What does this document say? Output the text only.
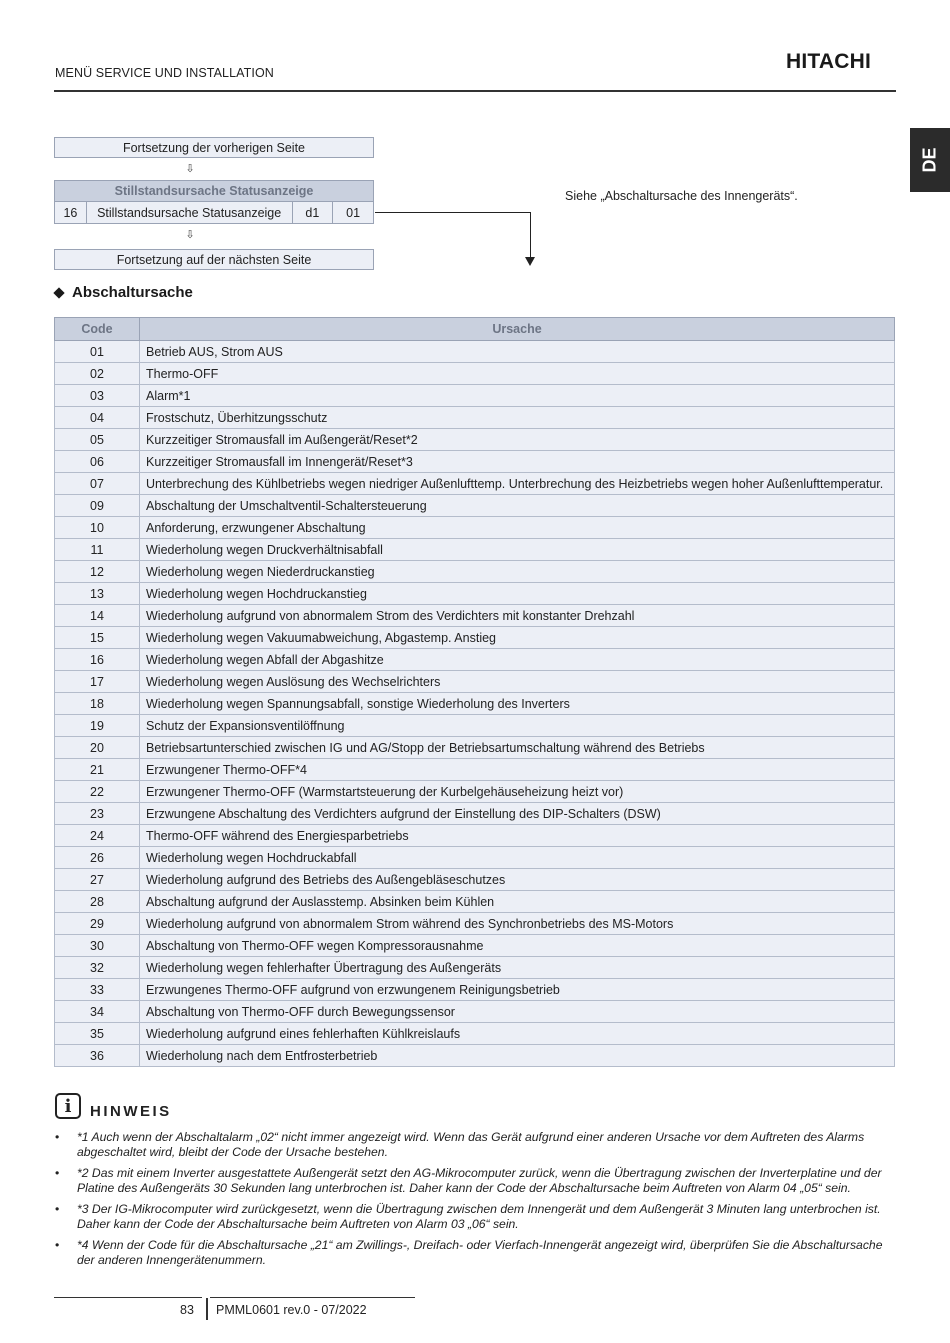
MENÜ SERVICE UND INSTALLATION	HITACHI
DE
Fortsetzung der vorherigen Seite
⇩
Stillstandsursache Statusanzeige
16	Stillstandsursache Statusanzeige	d1	01
⇩
Fortsetzung auf der nächsten Seite
Siehe „Abschaltursache des Innengeräts“.
Abschaltursache
Code	Ursache
01	Betrieb AUS, Strom AUS
02	Thermo-OFF
03	Alarm*1
04	Frostschutz, Überhitzungsschutz
05	Kurzzeitiger Stromausfall im Außengerät/Reset*2
06	Kurzzeitiger Stromausfall im Innengerät/Reset*3
07	Unterbrechung des Kühlbetriebs wegen niedriger Außenlufttemp. Unterbrechung des Heizbetriebs wegen hoher Außenlufttemperatur.
09	Abschaltung der Umschaltventil-Schaltersteuerung
10	Anforderung, erzwungener Abschaltung
11	Wiederholung wegen Druckverhältnisabfall
12	Wiederholung wegen Niederdruckanstieg
13	Wiederholung wegen Hochdruckanstieg
14	Wiederholung aufgrund von abnormalem Strom des Verdichters mit konstanter Drehzahl
15	Wiederholung wegen Vakuumabweichung, Abgastemp. Anstieg
16	Wiederholung wegen Abfall der Abgashitze
17	Wiederholung wegen Auslösung des Wechselrichters
18	Wiederholung wegen Spannungsabfall, sonstige Wiederholung des Inverters
19	Schutz der Expansionsventilöffnung
20	Betriebsartunterschied zwischen IG und AG/Stopp der Betriebsartumschaltung während des Betriebs
21	Erzwungener Thermo-OFF*4
22	Erzwungener Thermo-OFF (Warmstartsteuerung der Kurbelgehäuseheizung heizt vor)
23	Erzwungene Abschaltung des Verdichters aufgrund der Einstellung des DIP-Schalters (DSW)
24	Thermo-OFF während des Energiesparbetriebs
26	Wiederholung wegen Hochdruckabfall
27	Wiederholung aufgrund des Betriebs des Außengebläseschutzes
28	Abschaltung aufgrund der Auslasstemp. Absinken beim Kühlen
29	Wiederholung aufgrund von abnormalem Strom während des Synchronbetriebs des MS-Motors
30	Abschaltung von Thermo-OFF wegen Kompressorausnahme
32	Wiederholung wegen fehlerhafter Übertragung des Außengeräts
33	Erzwungenes Thermo-OFF aufgrund von erzwungenem Reinigungsbetrieb
34	Abschaltung von Thermo-OFF durch Bewegungssensor
35	Wiederholung aufgrund eines fehlerhaften Kühlkreislaufs
36	Wiederholung nach dem Entfrosterbetrieb
i	HINWEIS
• *1 Auch wenn der Abschaltalarm „02“ nicht immer angezeigt wird. Wenn das Gerät aufgrund einer anderen Ursache vor dem Auftreten des Alarms abgeschaltet wird, bleibt der Code der Ursache bestehen.
• *2 Das mit einem Inverter ausgestattete Außengerät setzt den AG-Mikrocomputer zurück, wenn die Übertragung zwischen der Inverterplatine und der Platine des Außengeräts 30 Sekunden lang unterbrochen ist. Daher kann der Code der Abschaltursache beim Auftreten von Alarm 04 „05“ sein.
• *3 Der IG-Mikrocomputer wird zurückgesetzt, wenn die Übertragung zwischen dem Innengerät und dem Außengerät 3 Minuten lang unterbrochen ist. Daher kann der Code der Abschaltursache beim Auftreten von Alarm 03 „06“ sein.
• *4 Wenn der Code für die Abschaltursache „21“ am Zwillings-, Dreifach- oder Vierfach-Innengerät angezeigt wird, überprüfen Sie die Abschaltursache der anderen Innengerätenummern.
83 PMML0601 rev.0 - 07/2022
